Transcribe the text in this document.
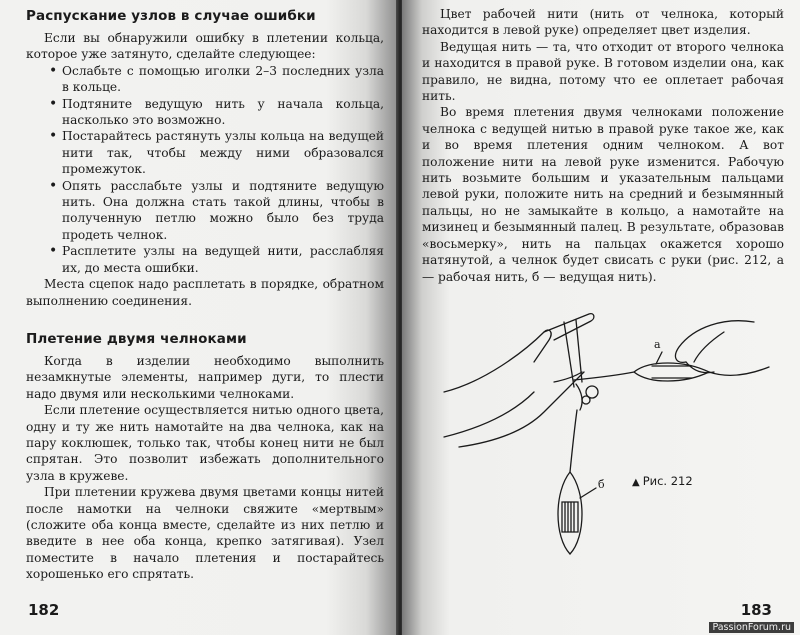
Распускание узлов в случае ошибки

Если вы обнаружили ошибку в плетении кольца, которое уже затянуто, сделайте следующее:

• Ослабьте с помощью иголки 2–3 последних узла в кольце.
• Подтяните ведущую нить у начала кольца, насколько это возможно.
• Постарайтесь растянуть узлы кольца на ведущей нити так, чтобы между ними образовался промежуток.
• Опять расслабьте узлы и подтяните ведущую нить. Она должна стать такой длины, чтобы в полученную петлю можно было без труда продеть челнок.
• Расплетите узлы на ведущей нити, расслабляя их, до места ошибки.

Места сцепок надо расплетать в порядке, обратном выполнению соединения.

Плетение двумя челноками

Когда в изделии необходимо выполнить незамкнутые элементы, например дуги, то плести надо двумя или несколькими челноками.

Если плетение осуществляется нитью одного цвета, одну и ту же нить намотайте на два челнока, как на пару коклюшек, только так, чтобы конец нити не был спрятан. Это позволит избежать дополнительного узла в кружеве.

При плетении кружева двумя цветами концы нитей после намотки на челноки свяжите «мертвым» (сложите оба конца вместе, сделайте из них петлю и введите в нее оба конца, крепко затягивая). Узел поместите в начало плетения и постарайтесь хорошенько его спрятать.

182

Цвет рабочей нити (нить от челнока, который находится в левой руке) определяет цвет изделия.

Ведущая нить — та, что отходит от второго челнока и находится в правой руке. В готовом изделии она, как правило, не видна, потому что ее оплетает рабочая нить.

Во время плетения двумя челноками положение челнока с ведущей нитью в правой руке такое же, как и во время плетения одним челноком. А вот положение нити на левой руке изменится. Рабочую нить возьмите большим и указательным пальцами левой руки, положите нить на средний и безымянный пальцы, но не замыкайте в кольцо, а намотайте на мизинец и безымянный палец. В результате, образовав «восьмерку», нить на пальцах окажется хорошо натянутой, а челнок будет свисать с руки (рис. 212, а — рабочая нить, б — ведущая нить).

а
б	▲ Рис. 212
183
PassionForum.ru
